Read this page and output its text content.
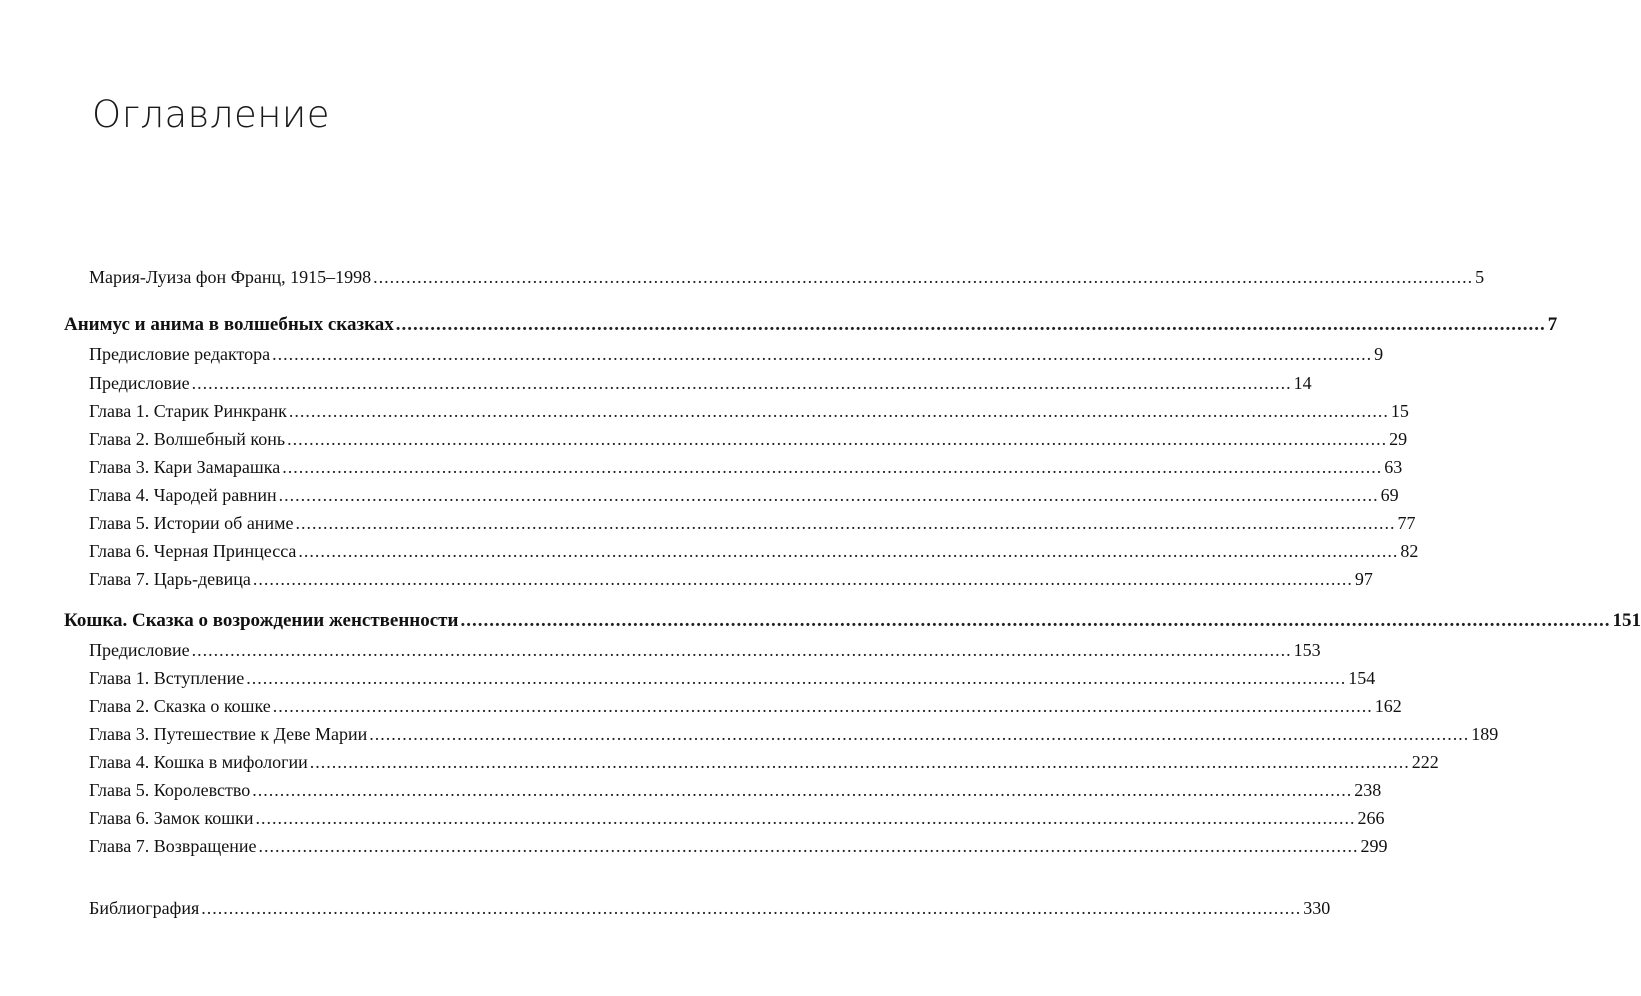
Оглавление
Мария-Луиза фон Франц, 1915–1998 ........................................................................................................................................................................................................ 5
Анимус и анима в волшебных сказках ........................................................................................................................................................................................................ 7
Предисловие редактора ........................................................................................................................................................................................................ 9
Предисловие ........................................................................................................................................................................................................ 14
Глава 1. Старик Ринкранк ........................................................................................................................................................................................................ 15
Глава 2. Волшебный конь ........................................................................................................................................................................................................ 29
Глава 3. Кари Замарашка ........................................................................................................................................................................................................ 63
Глава 4. Чародей равнин ........................................................................................................................................................................................................ 69
Глава 5. Истории об аниме ........................................................................................................................................................................................................ 77
Глава 6. Черная Принцесса ........................................................................................................................................................................................................ 82
Глава 7. Царь-девица ........................................................................................................................................................................................................ 97
Кошка. Сказка о возрождении женственности ........................................................................................................................................................................................................ 151
Предисловие ........................................................................................................................................................................................................ 153
Глава 1. Вступление ........................................................................................................................................................................................................ 154
Глава 2. Сказка о кошке ........................................................................................................................................................................................................ 162
Глава 3. Путешествие к Деве Марии ........................................................................................................................................................................................................ 189
Глава 4. Кошка в мифологии ........................................................................................................................................................................................................ 222
Глава 5. Королевство ........................................................................................................................................................................................................ 238
Глава 6. Замок кошки ........................................................................................................................................................................................................ 266
Глава 7. Возвращение ........................................................................................................................................................................................................ 299
Библиография ........................................................................................................................................................................................................ 330
